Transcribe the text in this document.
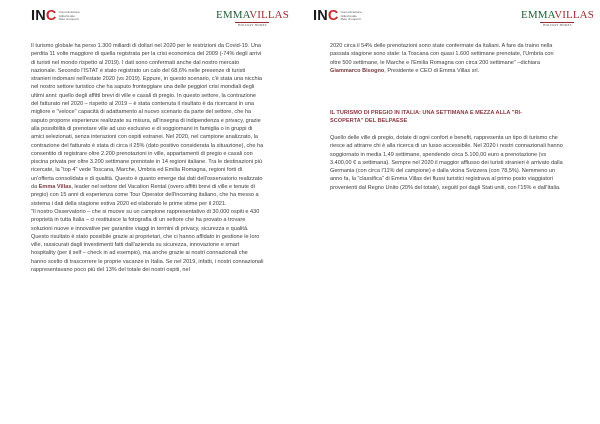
INC Comunicazione
Istituzionale
Rete di esperti	EMMAVILLAS
HOLIDAY HOMES

Il turismo globale ha perso 1.300 miliardi di dollari nel 2020 per le restrizioni da Covid-19. Una perdita 11 volte maggiore di quella registrata per la crisi economica del 2009 (-74% degli arrivi di turisti nel mondo rispetto al 2019). I dati sono confermati anche dal nostro mercato nazionale. Secondo l'ISTAT è stato registrato un calo del 68,6% nelle presenze di turisti stranieri indomani nell'estate 2020 (vs 2019). Eppure, in questo scenario, c'è stata una nicchia nel nostro settore turistico che ha saputo fronteggiare una delle peggiori crisi mondiali degli ultimi anni: quello degli affitti brevi di ville e casali di pregio. In questo settore, la contrazione del fatturato nel 2020 – rispetto al 2019 – è stata contenuta il risultato è da ricercarsi in una migliore e "veloce" capacità di adattamento al nuovo scenario da parte del settore, che ha saputo proporre esperienze realizzate su misura, all'insegna di indipendenza e privacy, grazie alla possibilità di prenotare ville ad uso esclusivo e di soggiornarvi in famiglia o in gruppi di amici selezionati, senza interazioni con ospiti estranei. Nel 2020, nel campione analizzato, la contrazione del fatturato è stata di circa il 25% (dato positivo considerata la situazione), che ha consentito di registrare oltre 2.200 prenotazioni in ville, appartamenti di pregio e casali con piscina privata per oltre 3.200 settimane prenotate in 14 regioni italiane. Tra le destinazioni più ricercate, la "top 4" vede Toscana, Marche, Umbria ed Emilia Romagna, regioni forti di un'offerta consolidata e di qualità. Questo è quanto emerge dai dati dell'osservatorio realizzato da Emma Villas, leader nel settore del Vacation Rental (overo affitti brevi di ville e tenute di pregio) con 15 anni di esperienza come Tour Operator dell'incoming italiano, che ha messo a sistema i dati della stagione estiva 2020 ed elaborato le prime stime per il 2021.

"Il nostro Osservatorio – che si muove su un campione rappresentativo di 30.000 ospiti e 430 proprietà in tutta Italia – ci restituisce la fotografia di un settore che ha provato a trovare soluzioni nuove e innovative per garantire viaggi in termini di privacy, sicurezza e qualità. Questo risultato è stato possibile grazie ai proprietari, che ci hanno affidato in gestione le loro ville, rassicurati dagli investimenti fatti dall'azienda su sicurezza, innovazione e smart hospitality (per il self – check in ad esempio), ma anche grazie ai nostri connazionali che hanno scelto di trascorrere le proprie vacanze in Italia. Se nel 2019, infatti, i nostri connazionali rappresentavano poco più del 13% del totale dei nostri ospiti, nel

INC Comunicazione
Istituzionale
Rete di esperti	EMMAVILLAS
HOLIDAY HOMES

2020 circa il 54% delle prenotazioni sono state confermate da italiani. A fare da traino nella passata stagione sono state: la Toscana con quasi 1.600 settimane prenotate, l'Umbria con oltre 500 settimane, le Marche e l'Emilia Romagna con circa 200 settimane" –dichiara Giammarco Bisogno, Presidente e CEO di Emma Villas srl.

IL TURISMO DI PREGIO IN ITALIA: UNA SETTIMANA E MEZZA ALLA "RI-SCOPERTA" DEL BELPAESE

Quello delle ville di pregio, dotate di ogni confort e benefit, rappresenta un tipo di turismo che riesce ad attrarre chi è alla ricerca di un lusso accessibile. Nel 2020 i nostri connazionali hanno soggiornato in media 1,49 settimane, spendendo circa 5.100,00 euro a prenotazione (vs 3.400,00 € a settimana). Sempre nel 2020 il maggior afflusso dei turisti stranieri è arrivato dalla Germania (con circa l'11% del campione) e dalla vicina Svizzera (con 78,5%). Nemmeno un anno fa, la "classifica" di Emma Villas dei flussi turistici registrava al primo posto viaggiatori provenienti dal Regno Unito (20% del totale), seguiti poi dagli Stati uniti, con l'15% e dall'Italia.
